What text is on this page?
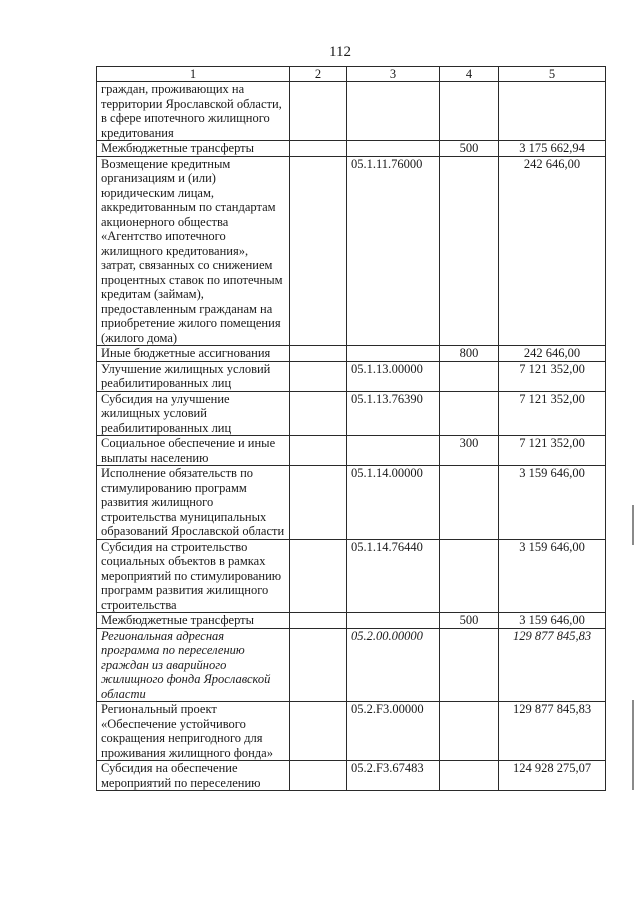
112
1	2	3	4	5
граждан, проживающих на территории Ярославской области, в сфере ипотечного жилищного кредитования				
Межбюджетные трансферты			500	3 175 662,94
Возмещение кредитным организациям и (или) юридическим лицам, аккредитованным по стандартам акционерного общества «Агентство ипотечного жилищного кредитования», затрат, связанных со снижением процентных ставок по ипотечным кредитам (займам), предоставленным гражданам на приобретение жилого помещения (жилого дома)		05.1.11.76000		242 646,00
Иные бюджетные ассигнования			800	242 646,00
Улучшение жилищных условий реабилитированных лиц		05.1.13.00000		7 121 352,00
Субсидия на улучшение жилищных условий реабилитированных лиц		05.1.13.76390		7 121 352,00
Социальное обеспечение и иные выплаты населению			300	7 121 352,00
Исполнение обязательств по стимулированию программ развития жилищного строительства муниципальных образований Ярославской области		05.1.14.00000		3 159 646,00
Субсидия на строительство социальных объектов в рамках мероприятий по стимулированию программ развития жилищного строительства		05.1.14.76440		3 159 646,00
Межбюджетные трансферты			500	3 159 646,00
Региональная адресная программа по переселению граждан из аварийного жилищного фонда Ярославской области		05.2.00.00000		129 877 845,83
Региональный проект «Обеспечение устойчивого сокращения непригодного для проживания жилищного фонда»		05.2.F3.00000		129 877 845,83
Субсидия на обеспечение мероприятий по переселению		05.2.F3.67483		124 928 275,07
